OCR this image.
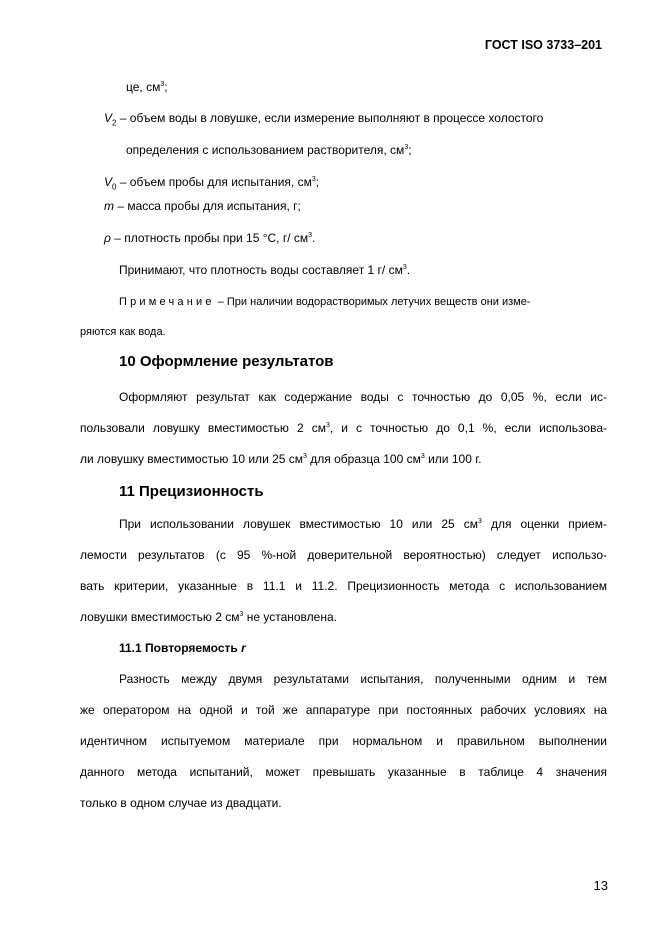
ГОСТ ISO 3733–201
це, $см^3$;
$V_2$ – объем воды в ловушке, если измерение выполняют в процессе холостого
определения с использованием растворителя, $см^3$;
$V_0$ – объем пробы для испытания, $см^3$;
m – масса пробы для испытания, г;
ρ – плотность пробы при 15 °C, г/ $см^3$.
Принимают, что плотность воды составляет 1 г/ $см^3$.
Примечание – При наличии водорастворимых летучих веществ они изме-
ряются как вода.
10 Оформление результатов
Оформляют результат как содержание воды с точностью до 0,05 %, если ис-
пользовали ловушку вместимостью 2 $см^3$, и с точностью до 0,1 %, если использова-
ли ловушку вместимостью 10 или 25 $см^3$ для образца 100 $см^3$ или 100 г.
11 Прецизионность
При использовании ловушек вместимостью 10 или 25 $см^3$ для оценки прием-
лемости результатов (с 95 %-ной доверительной вероятностью) следует использо-
вать критерии, указанные в 11.1 и 11.2. Прецизионность метода с использованием
ловушки вместимостью 2 $см^3$ не установлена.
11.1 Повторяемость r
Разность между двумя результатами испытания, полученными одним и тем
же оператором на одной и той же аппаратуре при постоянных рабочих условиях на
идентичном испытуемом материале при нормальном и правильном выполнении
данного метода испытаний, может превышать указанные в таблице 4 значения
только в одном случае из двадцати.
13
